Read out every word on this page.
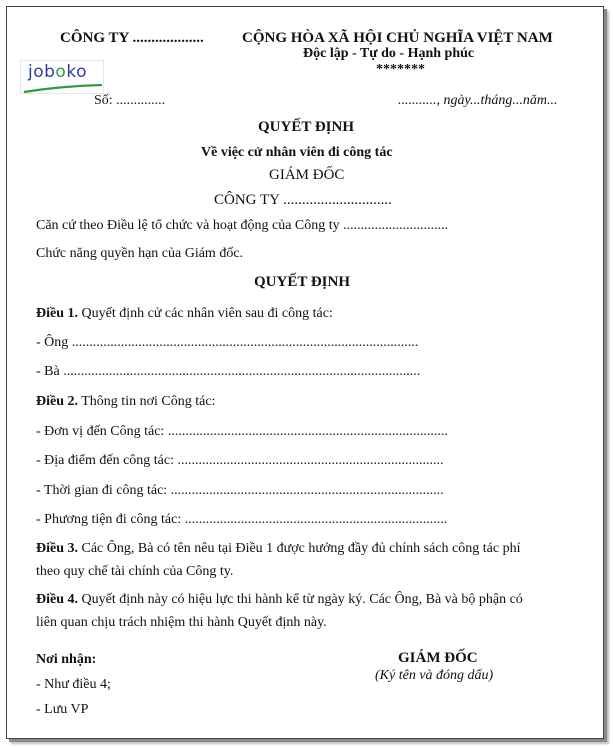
CÔNG TY ...................	CỘNG HÒA XÃ HỘI CHỦ NGHĨA VIỆT NAM
Độc lập - Tự do - Hạnh phúc
*******
joboko
Số: ..............	..........., ngày...tháng...năm...
QUYẾT ĐỊNH
Về việc cử nhân viên đi công tác
GIÁM ĐỐC
CÔNG TY .............................
Căn cứ theo Điều lệ tổ chức và hoạt động của Công ty ..............................
Chức năng quyền hạn của Giám đốc.
QUYẾT ĐỊNH
Điều 1. Quyết định cử các nhân viên sau đi công tác:
- Ông ...................................................................................................
- Bà ......................................................................................................
Điều 2. Thông tin nơi Công tác:
- Đơn vị đến Công tác: ................................................................................
- Địa điểm đến công tác: ............................................................................
- Thời gian đi công tác: ..............................................................................
- Phương tiện đi công tác: ...........................................................................
Điều 3. Các Ông, Bà có tên nêu tại Điều 1 được hưởng đầy đủ chính sách công tác phí
theo quy chế tài chính của Công ty.
Điều 4. Quyết định này có hiệu lực thi hành kể từ ngày ký. Các Ông, Bà và bộ phận có
liên quan chịu trách nhiệm thi hành Quyết định này.
Nơi nhận:
- Như điều 4;
- Lưu VP
GIÁM ĐỐC
(Ký tên và đóng dấu)
